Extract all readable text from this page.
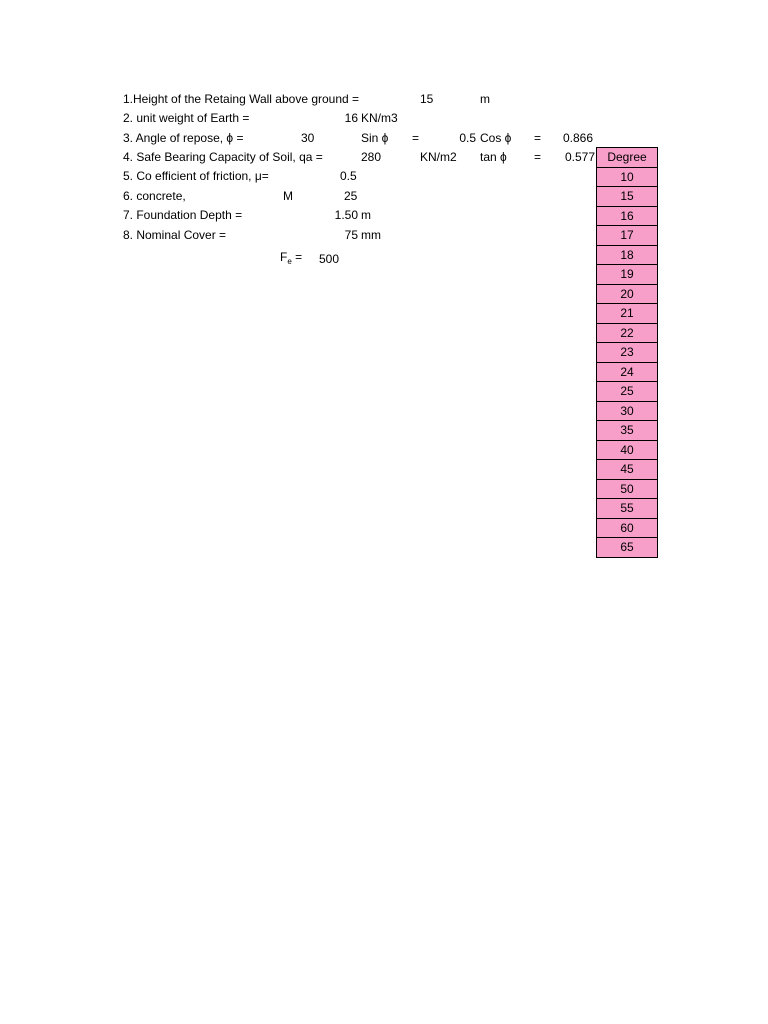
1.Height of the Retaing Wall above ground =	15	m
2. unit weight of Earth =	16 KN/m3
3. Angle of repose, ϕ =	30	Sin ϕ =	0.5 Cos ϕ = 0.866
4. Safe Bearing Capacity of Soil, qa =	280	KN/m2 tan ϕ =	0.577
5. Co efficient of friction, μ=	0.5
6. concrete,	M	25
7. Foundation Depth =	1.50 m
8. Nominal Cover =	75 mm
$F_e = 500$
Degree
10
15
16
17
18
19
20
21
22
23
24
25
30
35
40
45
50
55
60
65
